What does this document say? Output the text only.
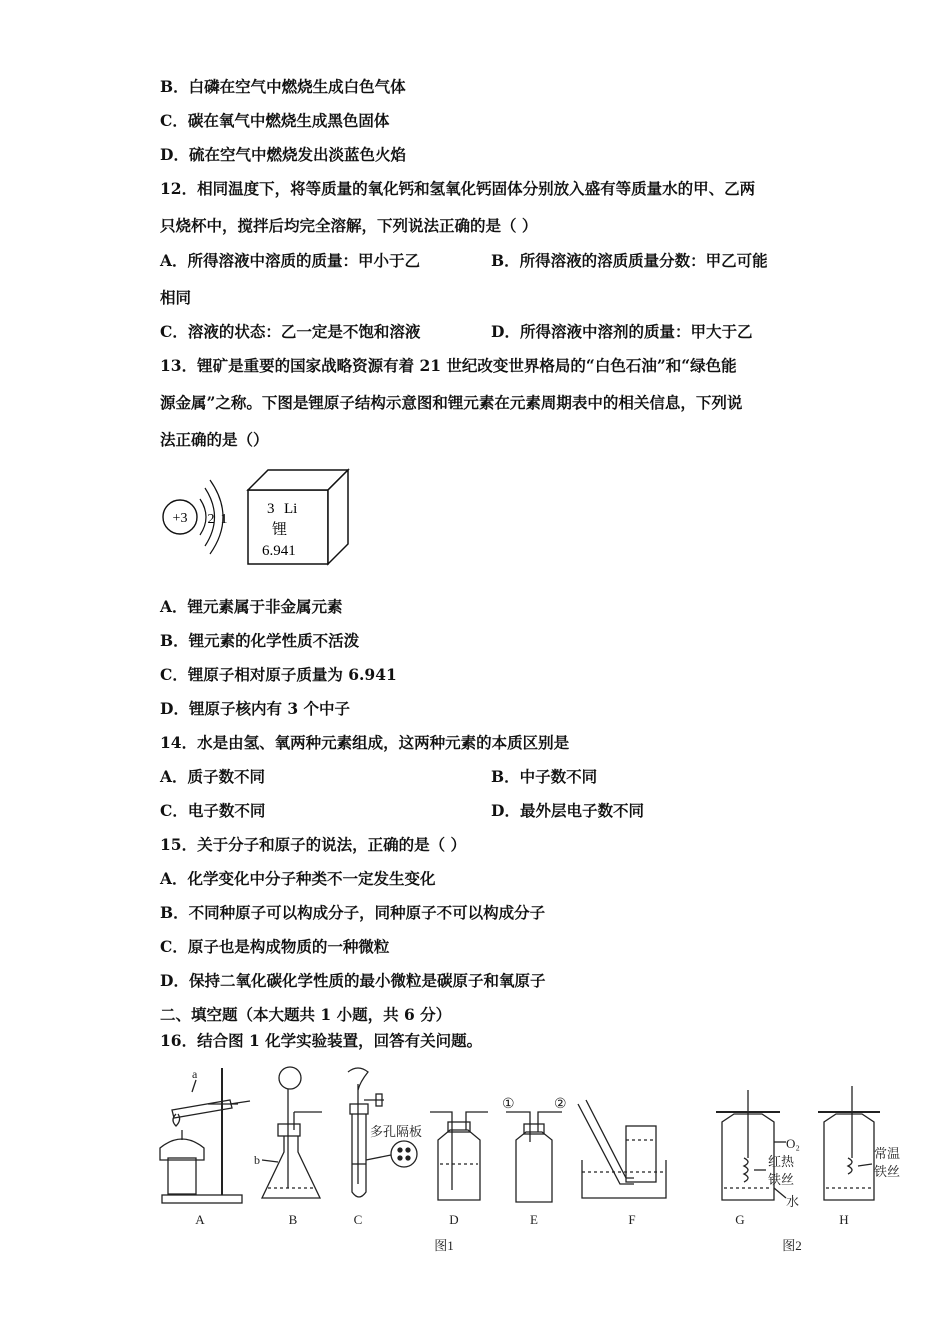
B．白磷在空气中燃烧生成白色气体
C．碳在氧气中燃烧生成黑色固体
D．硫在空气中燃烧发出淡蓝色火焰
12．相同温度下，将等质量的氧化钙和氢氧化钙固体分别放入盛有等质量水的甲、乙两
只烧杯中，搅拌后均完全溶解，下列说法正确的是（ ）
A．所得溶液中溶质的质量：甲小于乙	B．所得溶液的溶质质量分数：甲乙可能
相同
C．溶液的状态：乙一定是不饱和溶液	D．所得溶液中溶剂的质量：甲大于乙
13．锂矿是重要的国家战略资源有着 21 世纪改变世界格局的“白色石油”和“绿色能
源金属”之称。下图是锂原子结构示意图和锂元素在元素周期表中的相关信息，下列说
法正确的是（）
+3 2 1
3 Li
锂
6.941
A．锂元素属于非金属元素
B．锂元素的化学性质不活泼
C．锂原子相对原子质量为 6.941
D．锂原子核内有 3 个中子
14．水是由氢、氧两种元素组成，这两种元素的本质区别是
A．质子数不同	B．中子数不同
C．电子数不同	D．最外层电子数不同
15．关于分子和原子的说法，正确的是（ ）
A．化学变化中分子种类不一定发生变化
B．不同种原子可以构成分子，同种原子不可以构成分子
C．原子也是构成物质的一种微粒
D．保持二氧化碳化学性质的最小微粒是碳原子和氧原子
二、填空题（本大题共 1 小题，共 6 分）
16．结合图 1 化学实验装置，回答有关问题。
a
b
多孔隔板
①	②
O₂
红热
铁丝
水
常温
铁丝
A	B	C	D	E	F	G	H
图1	图2
